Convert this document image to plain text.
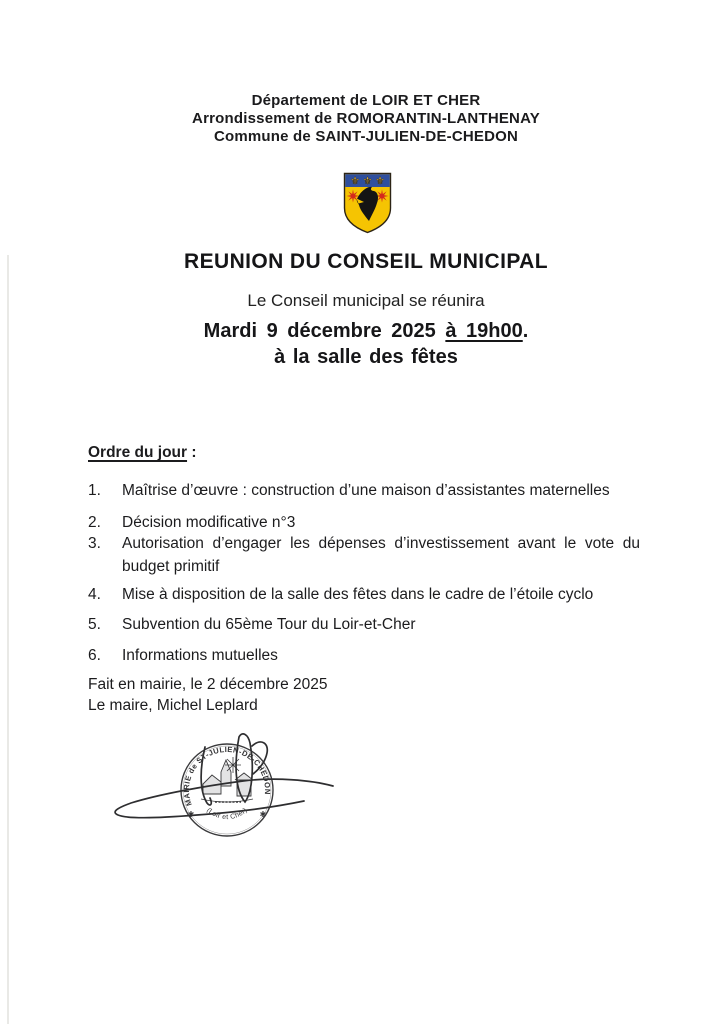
Département de LOIR ET CHER
Arrondissement de ROMORANTIN-LANTHENAY
Commune de SAINT-JULIEN-DE-CHEDON
⚜ ⚜ ⚜
REUNION DU CONSEIL MUNICIPAL
Le Conseil municipal se réunira
Mardi 9 décembre 2025 à 19h00.
à la salle des fêtes
Ordre du jour :
1.	Maîtrise d’œuvre : construction d’une maison d’assistantes maternelles
2.	Décision modificative n°3
3.	Autorisation d’engager les dépenses d’investissement avant le vote du budget primitif
4.	Mise à disposition de la salle des fêtes dans le cadre de l’étoile cyclo
5.	Subvention du 65ème Tour du Loir-et-Cher
6.	Informations mutuelles
Fait en mairie, le 2 décembre 2025
Le maire, Michel Leplard
MAIRIE de ST-JULIEN-DE-CHEDON
(Loir et Cher)
✱	✱
